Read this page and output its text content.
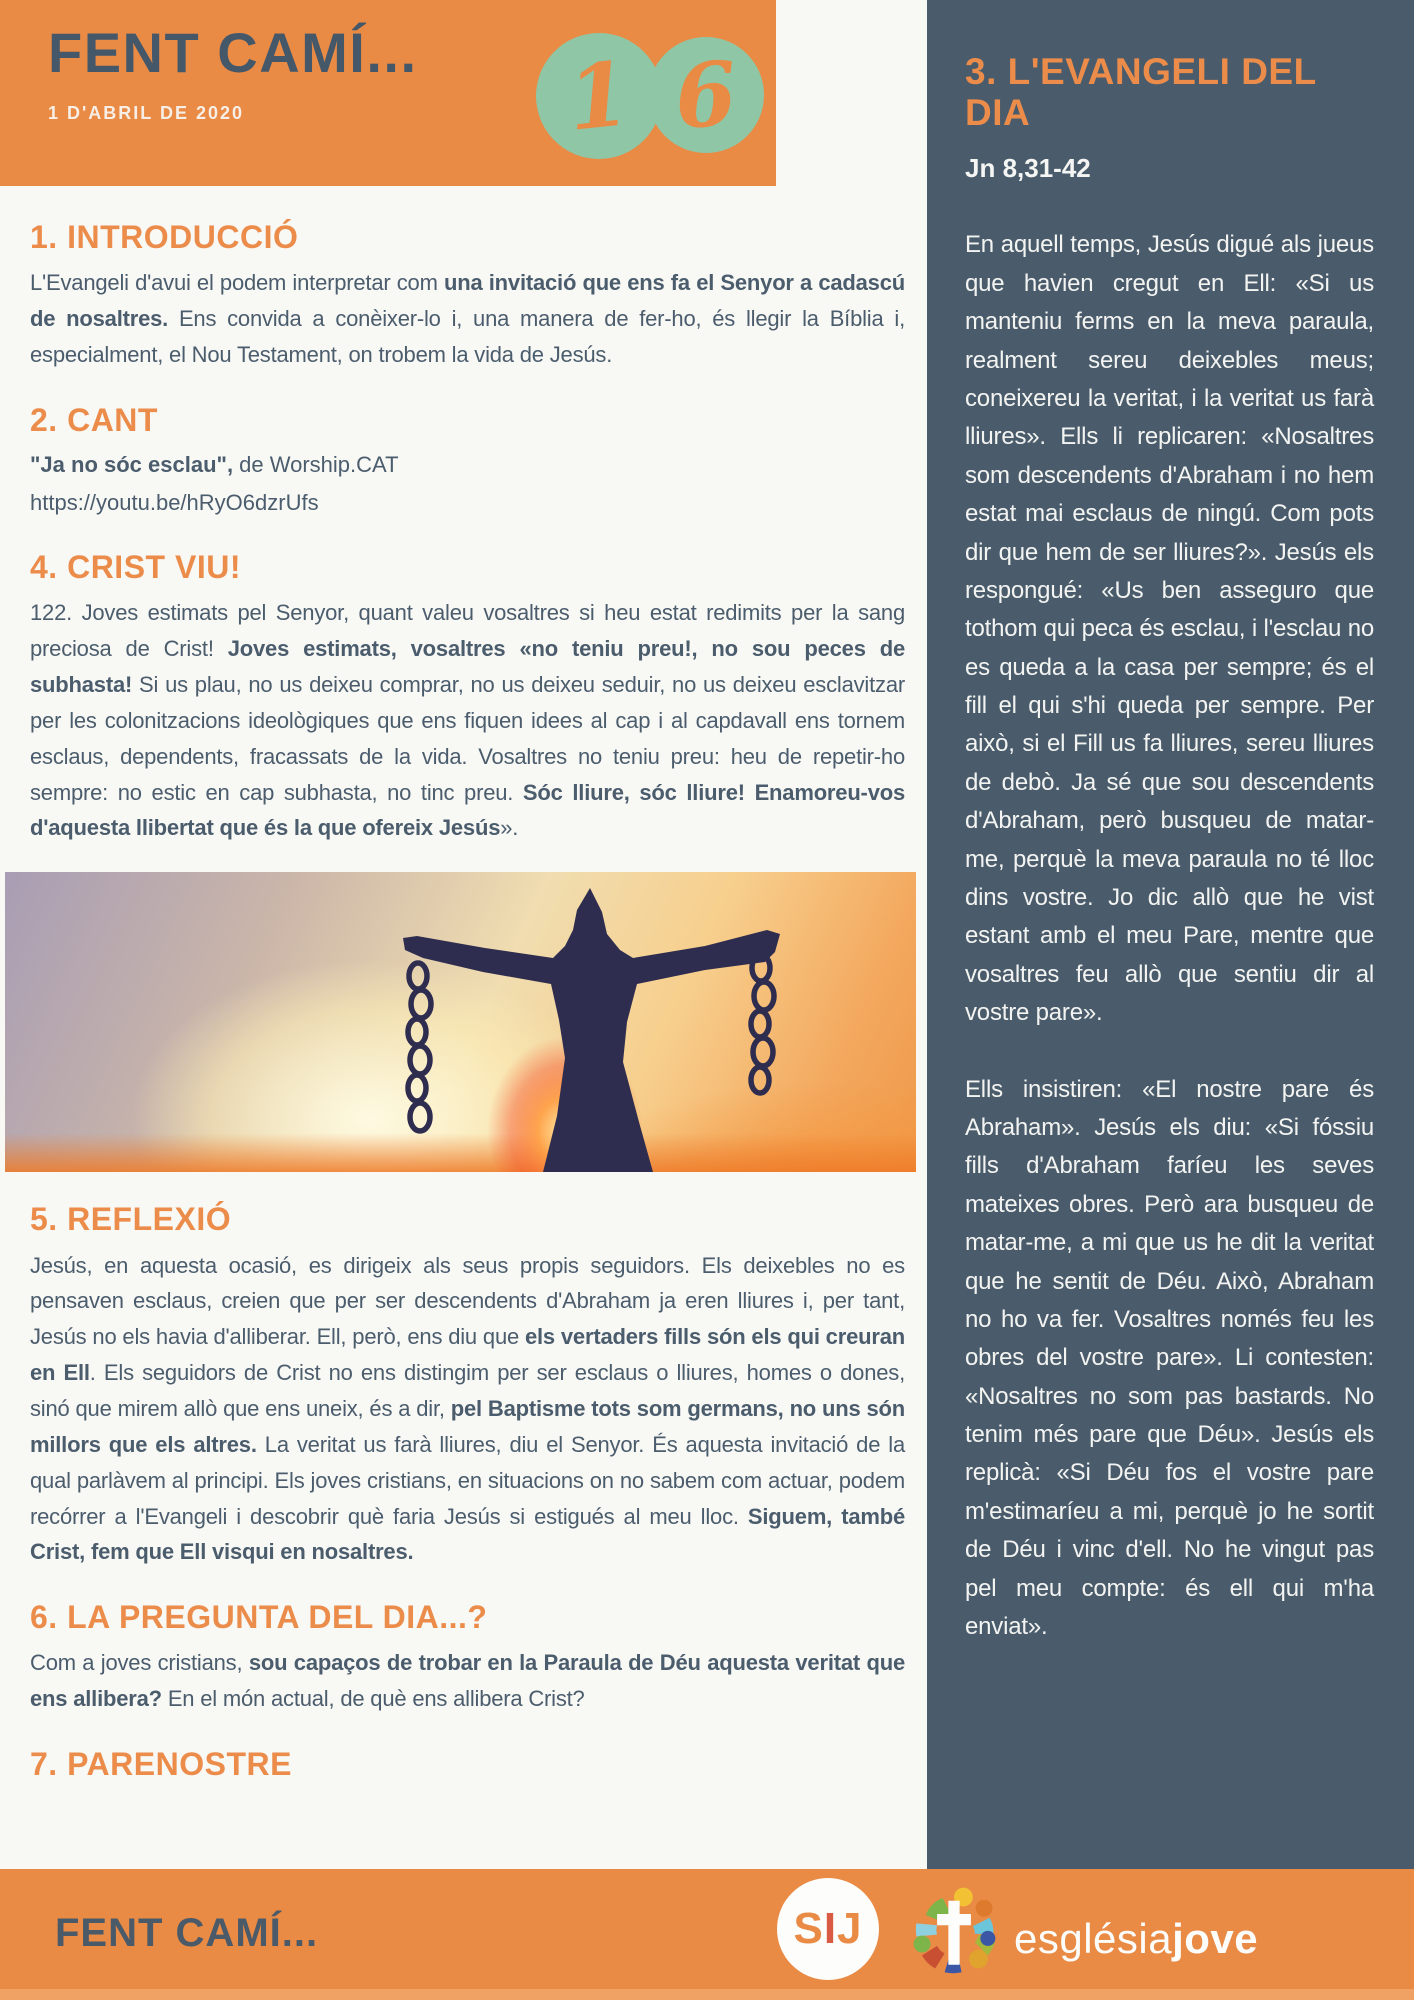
FENT CAMÍ...
1 D'ABRIL DE 2020	1 6
1. INTRODUCCIÓ

L'Evangeli d'avui el podem interpretar com una invitació que ens fa el Senyor a cadascú de nosaltres. Ens convida a conèixer-lo i, una manera de fer-ho, és llegir la Bíblia i, especialment, el Nou Testament, on trobem la vida de Jesús.

2. CANT

"Ja no sóc esclau", de Worship.CAT

https://youtu.be/hRyO6dzrUfs

4. CRIST VIU!

122. Joves estimats pel Senyor, quant valeu vosaltres si heu estat redimits per la sang preciosa de Crist! Joves estimats, vosaltres «no teniu preu!, no sou peces de subhasta! Si us plau, no us deixeu comprar, no us deixeu seduir, no us deixeu esclavitzar per les colonitzacions ideològiques que ens fiquen idees al cap i al capdavall ens tornem esclaus, dependents, fracassats de la vida. Vosaltres no teniu preu: heu de repetir-ho sempre: no estic en cap subhasta, no tinc preu. Sóc lliure, sóc lliure! Enamoreu-vos d'aquesta llibertat que és la que ofereix Jesús».

5. REFLEXIÓ

Jesús, en aquesta ocasió, es dirigeix als seus propis seguidors. Els deixebles no es pensaven esclaus, creien que per ser descendents d'Abraham ja eren lliures i, per tant, Jesús no els havia d'alliberar. Ell, però, ens diu que els vertaders fills són els qui creuran en Ell. Els seguidors de Crist no ens distingim per ser esclaus o lliures, homes o dones, sinó que mirem allò que ens uneix, és a dir, pel Baptisme tots som germans, no uns són millors que els altres. La veritat us farà lliures, diu el Senyor. És aquesta invitació de la qual parlàvem al principi. Els joves cristians, en situacions on no sabem com actuar, podem recórrer a l'Evangeli i descobrir què faria Jesús si estigués al meu lloc. Siguem, també Crist, fem que Ell visqui en nosaltres.

6. LA PREGUNTA DEL DIA...?

Com a joves cristians, sou capaços de trobar en la Paraula de Déu aquesta veritat que ens allibera? En el món actual, de què ens allibera Crist?

7. PARENOSTRE
3. L'EVANGELI DEL DIA
Jn 8,31-42

En aquell temps, Jesús digué als jueus que havien cregut en Ell: «Si us manteniu ferms en la meva paraula, realment sereu deixebles meus; coneixereu la veritat, i la veritat us farà lliures». Ells li replicaren: «Nosaltres som descendents d'Abraham i no hem estat mai esclaus de ningú. Com pots dir que hem de ser lliures?». Jesús els respongué: «Us ben asseguro que tothom qui peca és esclau, i l'esclau no es queda a la casa per sempre; és el fill el qui s'hi queda per sempre. Per això, si el Fill us fa lliures, sereu lliures de debò. Ja sé que sou descendents d'Abraham, però busqueu de matar-me, perquè la meva paraula no té lloc dins vostre. Jo dic allò que he vist estant amb el meu Pare, mentre que vosaltres feu allò que sentiu dir al vostre pare».

Ells insistiren: «El nostre pare és Abraham». Jesús els diu: «Si fóssiu fills d'Abraham faríeu les seves mateixes obres. Però ara busqueu de matar-me, a mi que us he dit la veritat que he sentit de Déu. Això, Abraham no ho va fer. Vosaltres només feu les obres del vostre pare». Li contesten: «Nosaltres no som pas bastards. No tenim més pare que Déu». Jesús els replicà: «Si Déu fos el vostre pare m'estimaríeu a mi, perquè jo he sortit de Déu i vinc d'ell. No he vingut pas pel meu compte: és ell qui m'ha enviat».

FENT CAMÍ...	S I J	esglésiajove
